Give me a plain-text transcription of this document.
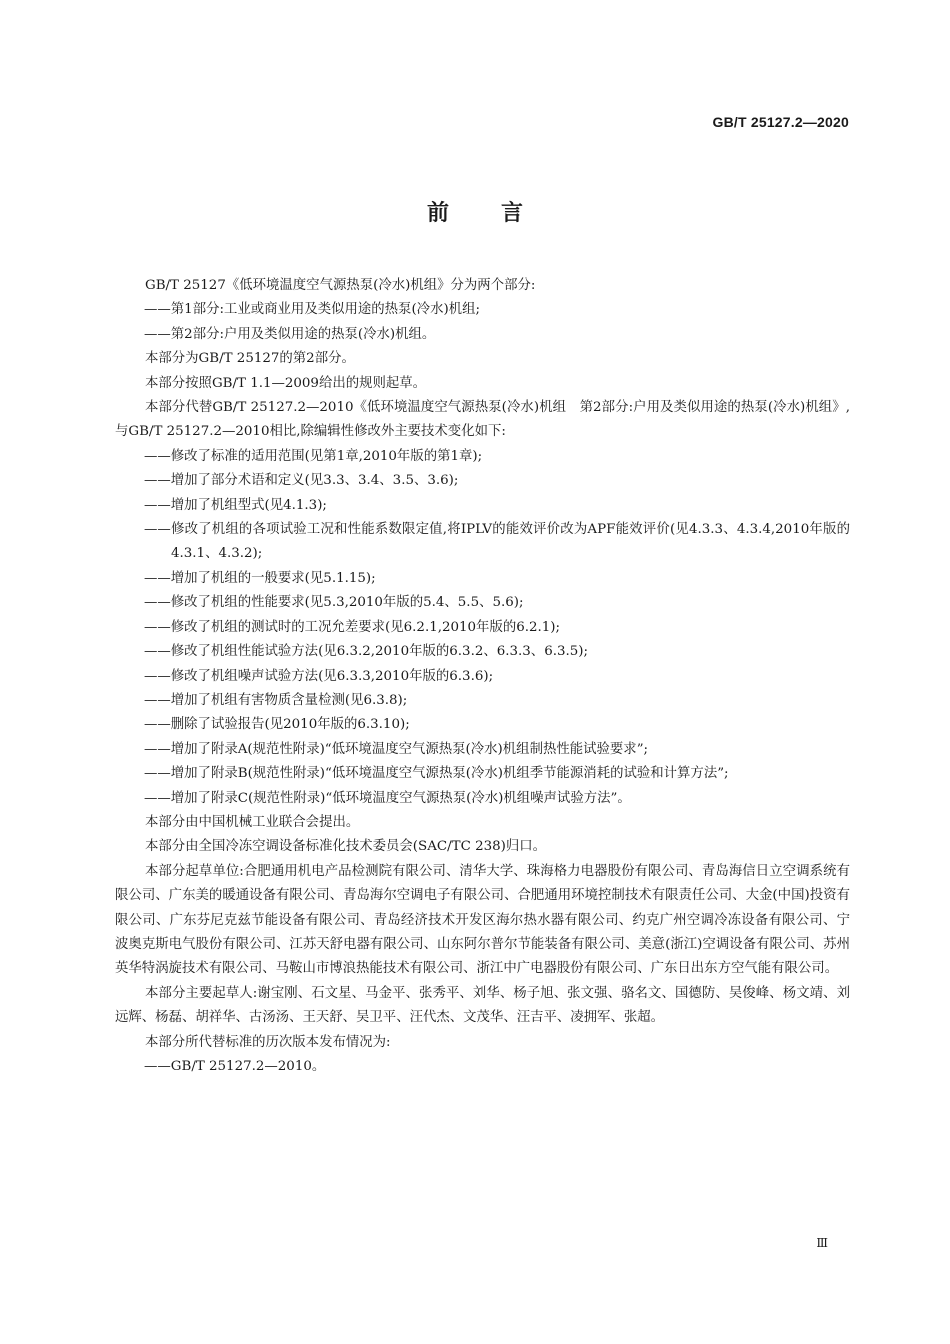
GB/T 25127.2—2020
前言

GB/T 25127《低环境温度空气源热泵(冷水)机组》分为两个部分:

——第1部分:工业或商业用及类似用途的热泵(冷水)机组;

——第2部分:户用及类似用途的热泵(冷水)机组。

本部分为GB/T 25127的第2部分。

本部分按照GB/T 1.1—2009给出的规则起草。

本部分代替GB/T 25127.2—2010《低环境温度空气源热泵(冷水)机组　第2部分:户用及类似用途的热泵(冷水)机组》,与GB/T 25127.2—2010相比,除编辑性修改外主要技术变化如下:

——修改了标准的适用范围(见第1章,2010年版的第1章);

——增加了部分术语和定义(见3.3、3.4、3.5、3.6);

——增加了机组型式(见4.1.3);

——修改了机组的各项试验工况和性能系数限定值,将IPLV的能效评价改为APF能效评价(见4.3.3、4.3.4,2010年版的4.3.1、4.3.2);

——增加了机组的一般要求(见5.1.15);

——修改了机组的性能要求(见5.3,2010年版的5.4、5.5、5.6);

——修改了机组的测试时的工况允差要求(见6.2.1,2010年版的6.2.1);

——修改了机组性能试验方法(见6.3.2,2010年版的6.3.2、6.3.3、6.3.5);

——修改了机组噪声试验方法(见6.3.3,2010年版的6.3.6);

——增加了机组有害物质含量检测(见6.3.8);

——删除了试验报告(见2010年版的6.3.10);

——增加了附录A(规范性附录)“低环境温度空气源热泵(冷水)机组制热性能试验要求”;

——增加了附录B(规范性附录)“低环境温度空气源热泵(冷水)机组季节能源消耗的试验和计算方法”;

——增加了附录C(规范性附录)“低环境温度空气源热泵(冷水)机组噪声试验方法”。

本部分由中国机械工业联合会提出。

本部分由全国冷冻空调设备标准化技术委员会(SAC/TC 238)归口。

本部分起草单位:合肥通用机电产品检测院有限公司、清华大学、珠海格力电器股份有限公司、青岛海信日立空调系统有限公司、广东美的暖通设备有限公司、青岛海尔空调电子有限公司、合肥通用环境控制技术有限责任公司、大金(中国)投资有限公司、广东芬尼克兹节能设备有限公司、青岛经济技术开发区海尔热水器有限公司、约克广州空调冷冻设备有限公司、宁波奥克斯电气股份有限公司、江苏天舒电器有限公司、山东阿尔普尔节能装备有限公司、美意(浙江)空调设备有限公司、苏州英华特涡旋技术有限公司、马鞍山市博浪热能技术有限公司、浙江中广电器股份有限公司、广东日出东方空气能有限公司。

本部分主要起草人:谢宝刚、石文星、马金平、张秀平、刘华、杨子旭、张文强、骆名文、国德防、吴俊峰、杨文靖、刘远辉、杨磊、胡祥华、古汤汤、王天舒、吴卫平、汪代杰、文茂华、汪吉平、凌拥军、张超。

本部分所代替标准的历次版本发布情况为:

——GB/T 25127.2—2010。

Ⅲ
